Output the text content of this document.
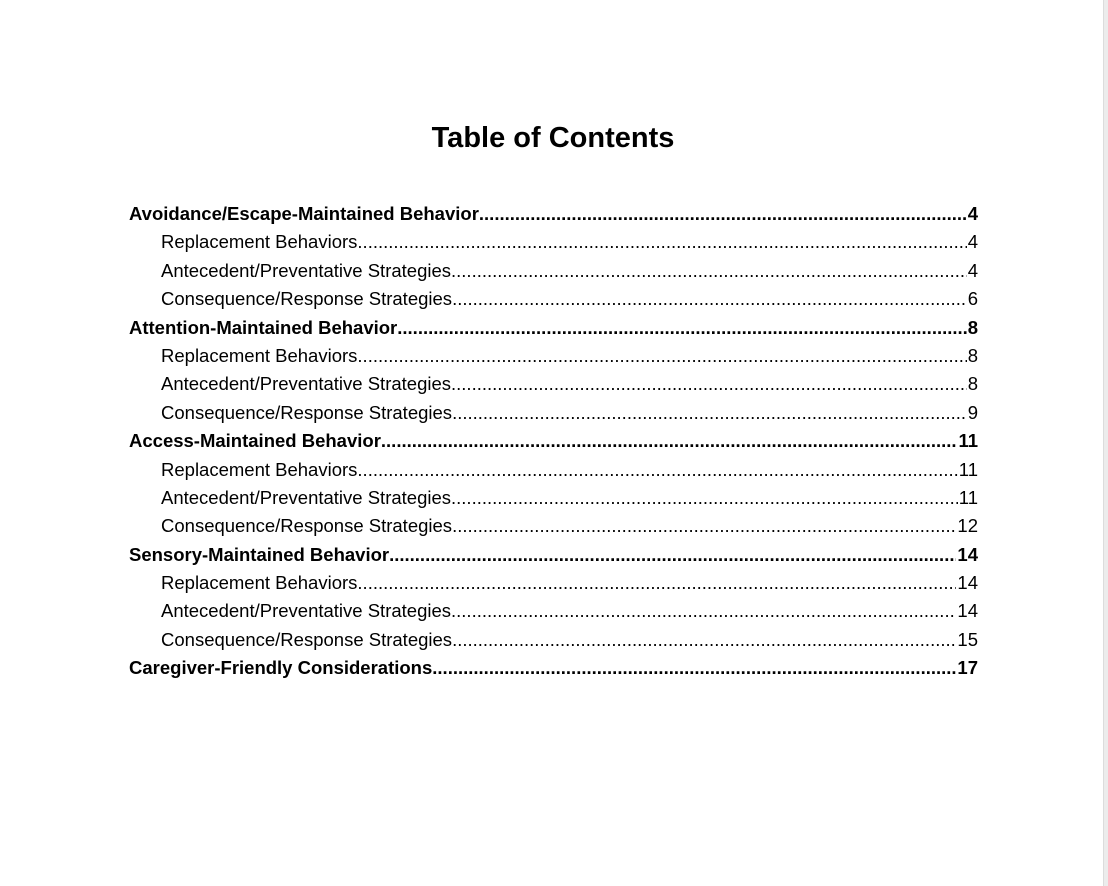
Table of Contents
Avoidance/Escape-Maintained Behavior .....	4
Replacement Behaviors .....	4
Antecedent/Preventative Strategies .....	4
Consequence/Response Strategies .....	6
Attention-Maintained Behavior .....	8
Replacement Behaviors .....	8
Antecedent/Preventative Strategies .....	8
Consequence/Response Strategies .....	9
Access-Maintained Behavior .....	11
Replacement Behaviors .....	11
Antecedent/Preventative Strategies .....	11
Consequence/Response Strategies .....	12
Sensory-Maintained Behavior .....	14
Replacement Behaviors .....	14
Antecedent/Preventative Strategies .....	14
Consequence/Response Strategies .....	15
Caregiver-Friendly Considerations .....	17
